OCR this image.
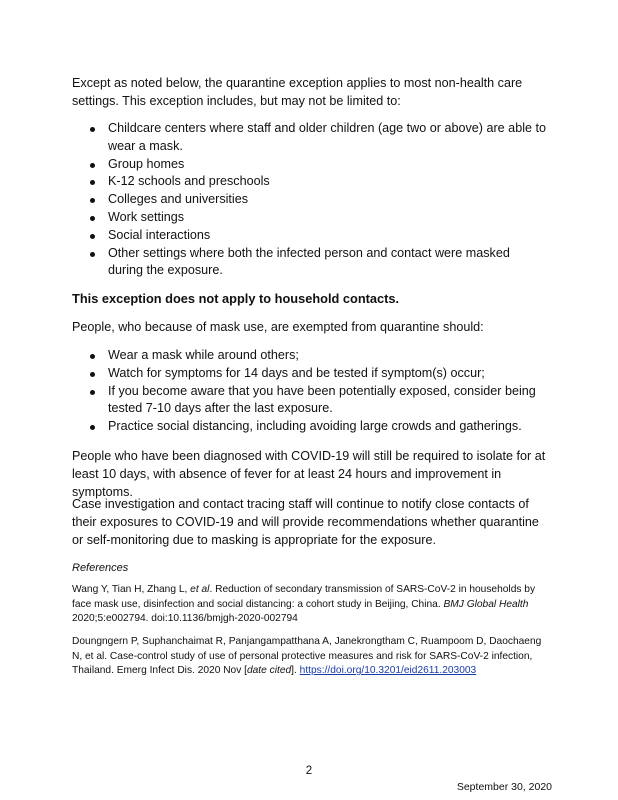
Except as noted below, the quarantine exception applies to most non-health care settings. This exception includes, but may not be limited to:

Childcare centers where staff and older children (age two or above) are able to wear a mask.
Group homes
K-12 schools and preschools
Colleges and universities
Work settings
Social interactions
Other settings where both the infected person and contact were masked during the exposure.

This exception does not apply to household contacts.

People, who because of mask use, are exempted from quarantine should:

Wear a mask while around others;
Watch for symptoms for 14 days and be tested if symptom(s) occur;
If you become aware that you have been potentially exposed, consider being tested 7-10 days after the last exposure.
Practice social distancing, including avoiding large crowds and gatherings.

People who have been diagnosed with COVID-19 will still be required to isolate for at least 10 days, with absence of fever for at least 24 hours and improvement in symptoms.

Case investigation and contact tracing staff will continue to notify close contacts of their exposures to COVID-19 and will provide recommendations whether quarantine or self-monitoring due to masking is appropriate for the exposure.

References

Wang Y, Tian H, Zhang L, et al. Reduction of secondary transmission of SARS-CoV-2 in households by face mask use, disinfection and social distancing: a cohort study in Beijing, China. BMJ Global Health 2020;5:e002794. doi:10.1136/bmjgh-2020-002794

Doungngern P, Suphanchaimat R, Panjangampatthana A, Janekrongtham C, Ruampoom D, Daochaeng N, et al. Case-control study of use of personal protective measures and risk for SARS-CoV-2 infection, Thailand. Emerg Infect Dis. 2020 Nov [date cited]. https://doi.org/10.3201/eid2611.203003

2
September 30, 2020
